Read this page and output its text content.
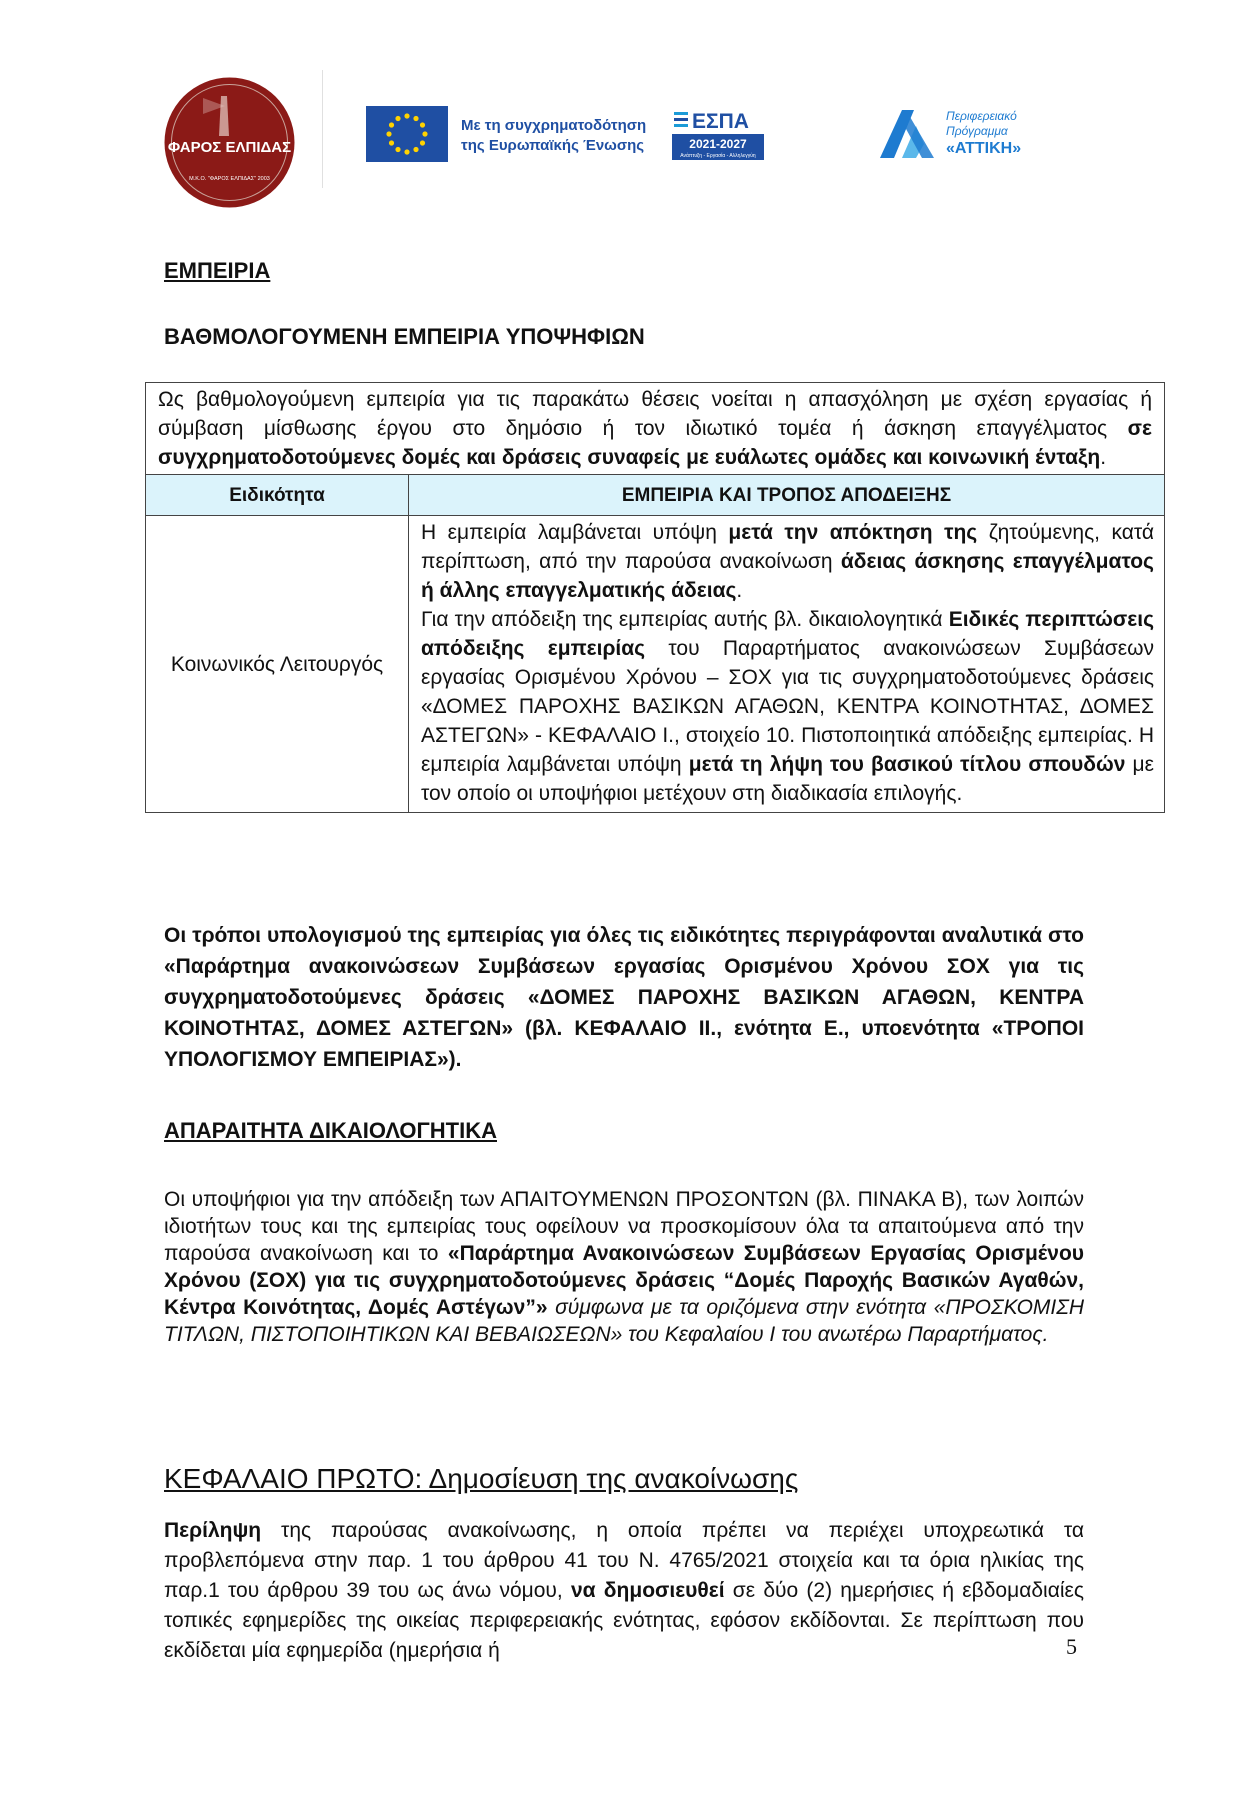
ΦΑΡΟΣ ΕΛΠΙΔΑΣ
Μ.Κ.Ο. "ΦΑΡΟΣ ΕΛΠΙΔΑΣ" 2003
Με τη συγχρηματοδότηση
της Ευρωπαϊκής Ένωσης
ΕΣΠΑ
2021-2027
Ανάπτυξη - Εργασία - Αλληλεγγύη
Περιφερειακό
Πρόγραμμα
«ΑΤΤΙΚΗ»
ΕΜΠΕΙΡΙΑ
ΒΑΘΜΟΛΟΓΟΥΜΕΝΗ ΕΜΠΕΙΡΙΑ ΥΠΟΨΗΦΙΩΝ
Ως βαθμολογούμενη εμπειρία για τις παρακάτω θέσεις νοείται η απασχόληση με σχέση εργασίας ή σύμβαση μίσθωσης έργου στο δημόσιο ή τον ιδιωτικό τομέα ή άσκηση επαγγέλματος σε συγχρηματοδοτούμενες δομές και δράσεις συναφείς με ευάλωτες ομάδες και κοινωνική ένταξη.	
Ειδικότητα	ΕΜΠΕΙΡΙΑ ΚΑΙ ΤΡΟΠΟΣ ΑΠΟΔΕΙΞΗΣ
Κοινωνικός Λειτουργός	Η εμπειρία λαμβάνεται υπόψη μετά την απόκτηση της ζητούμενης, κατά περίπτωση, από την παρούσα ανακοίνωση άδειας άσκησης επαγγέλματος ή άλλης επαγγελματικής άδειας.
Για την απόδειξη της εμπειρίας αυτής βλ. δικαιολογητικά Ειδικές περιπτώσεις απόδειξης εμπειρίας του Παραρτήματος ανακοινώσεων Συμβάσεων εργασίας Ορισμένου Χρόνου – ΣΟΧ για τις συγχρηματοδοτούμενες δράσεις «ΔΟΜΕΣ ΠΑΡΟΧΗΣ ΒΑΣΙΚΩΝ ΑΓΑΘΩΝ, ΚΕΝΤΡΑ ΚΟΙΝΟΤΗΤΑΣ, ΔΟΜΕΣ ΑΣΤΕΓΩΝ» - ΚΕΦΑΛΑΙΟ Ι., στοιχείο 10. Πιστοποιητικά απόδειξης εμπειρίας. Η εμπειρία λαμβάνεται υπόψη μετά τη λήψη του βασικού τίτλου σπουδών με τον οποίο οι υποψήφιοι μετέχουν στη διαδικασία επιλογής.
Οι τρόποι υπολογισμού της εμπειρίας για όλες τις ειδικότητες περιγράφονται αναλυτικά στο «Παράρτημα ανακοινώσεων Συμβάσεων εργασίας Ορισμένου Χρόνου ΣΟΧ για τις συγχρηματοδοτούμενες δράσεις «ΔΟΜΕΣ ΠΑΡΟΧΗΣ ΒΑΣΙΚΩΝ ΑΓΑΘΩΝ, ΚΕΝΤΡΑ ΚΟΙΝΟΤΗΤΑΣ, ΔΟΜΕΣ ΑΣΤΕΓΩΝ» (βλ. ΚΕΦΑΛΑΙΟ ΙΙ., ενότητα Ε., υποενότητα «ΤΡΟΠΟΙ ΥΠΟΛΟΓΙΣΜΟΥ ΕΜΠΕΙΡΙΑΣ»).
ΑΠΑΡΑΙΤΗΤΑ ΔΙΚΑΙΟΛΟΓΗΤΙΚΑ
Οι υποψήφιοι για την απόδειξη των ΑΠΑΙΤΟΥΜΕΝΩΝ ΠΡΟΣΟΝΤΩΝ (βλ. ΠΙΝΑΚΑ Β), των λοιπών ιδιοτήτων τους και της εμπειρίας τους οφείλουν να προσκομίσουν όλα τα απαιτούμενα από την παρούσα ανακοίνωση και το «Παράρτημα Ανακοινώσεων Συμβάσεων Εργασίας Ορισμένου Χρόνου (ΣΟΧ) για τις συγχρηματοδοτούμενες δράσεις “Δομές Παροχής Βασικών Αγαθών, Κέντρα Κοινότητας, Δομές Αστέγων”» σύμφωνα με τα οριζόμενα στην ενότητα «ΠΡΟΣΚΟΜΙΣΗ ΤΙΤΛΩΝ, ΠΙΣΤΟΠΟΙΗΤΙΚΩΝ ΚΑΙ ΒΕΒΑΙΩΣΕΩΝ» του Κεφαλαίου Ι του ανωτέρω Παραρτήματος.
ΚΕΦΑΛΑΙΟ ΠΡΩΤΟ: Δημοσίευση της ανακοίνωσης
Περίληψη της παρούσας ανακοίνωσης, η οποία πρέπει να περιέχει υποχρεωτικά τα προβλεπόμενα στην παρ. 1 του άρθρου 41 του Ν. 4765/2021 στοιχεία και τα όρια ηλικίας της παρ.1 του άρθρου 39 του ως άνω νόμου, να δημοσιευθεί σε δύο (2) ημερήσιες ή εβδομαδιαίες τοπικές εφημερίδες της οικείας περιφερειακής ενότητας, εφόσον εκδίδονται. Σε περίπτωση που εκδίδεται μία εφημερίδα (ημερήσια ή	5
